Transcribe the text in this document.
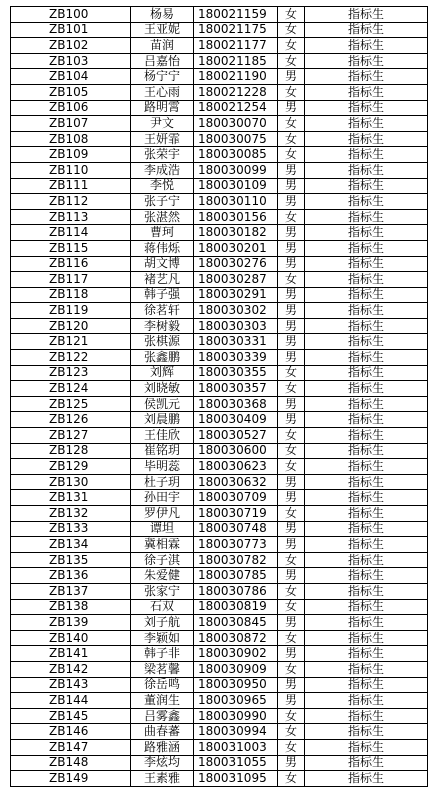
ZB100	杨易	180021159	女	指标生
ZB101	王亚妮	180021175	女	指标生
ZB102	苗润	180021177	女	指标生
ZB103	吕嘉怡	180021185	女	指标生
ZB104	杨宁宁	180021190	男	指标生
ZB105	王心雨	180021228	女	指标生
ZB106	路明霄	180021254	男	指标生
ZB107	尹文	180030070	女	指标生
ZB108	王妍霏	180030075	女	指标生
ZB109	张荣宇	180030085	女	指标生
ZB110	李成浩	180030099	男	指标生
ZB111	李悦	180030109	男	指标生
ZB112	张子宁	180030110	男	指标生
ZB113	张湛然	180030156	女	指标生
ZB114	曹珂	180030182	男	指标生
ZB115	蒋伟烁	180030201	男	指标生
ZB116	胡文博	180030276	男	指标生
ZB117	褚艺凡	180030287	女	指标生
ZB118	韩子强	180030291	男	指标生
ZB119	徐茗轩	180030302	男	指标生
ZB120	李树毅	180030303	男	指标生
ZB121	张棋源	180030331	男	指标生
ZB122	张鑫鹏	180030339	男	指标生
ZB123	刘辉	180030355	女	指标生
ZB124	刘晓敏	180030357	女	指标生
ZB125	侯凯元	180030368	男	指标生
ZB126	刘晨鹏	180030409	男	指标生
ZB127	王佳欣	180030527	女	指标生
ZB128	崔铭玥	180030600	女	指标生
ZB129	毕明蕊	180030623	女	指标生
ZB130	杜子玥	180030632	男	指标生
ZB131	孙田宇	180030709	男	指标生
ZB132	罗伊凡	180030719	女	指标生
ZB133	谭坦	180030748	男	指标生
ZB134	冀相霖	180030773	男	指标生
ZB135	徐子淇	180030782	女	指标生
ZB136	朱爱健	180030785	男	指标生
ZB137	张家宁	180030786	女	指标生
ZB138	石双	180030819	女	指标生
ZB139	刘子航	180030845	男	指标生
ZB140	李颖如	180030872	女	指标生
ZB141	韩子非	180030902	男	指标生
ZB142	梁茗馨	180030909	女	指标生
ZB143	徐岳鸣	180030950	男	指标生
ZB144	董润生	180030965	男	指标生
ZB145	吕雾鑫	180030990	女	指标生
ZB146	曲春蕃	180030994	女	指标生
ZB147	路雅涵	180031003	女	指标生
ZB148	李炫均	180031055	男	指标生
ZB149	王素雅	180031095	女	指标生
